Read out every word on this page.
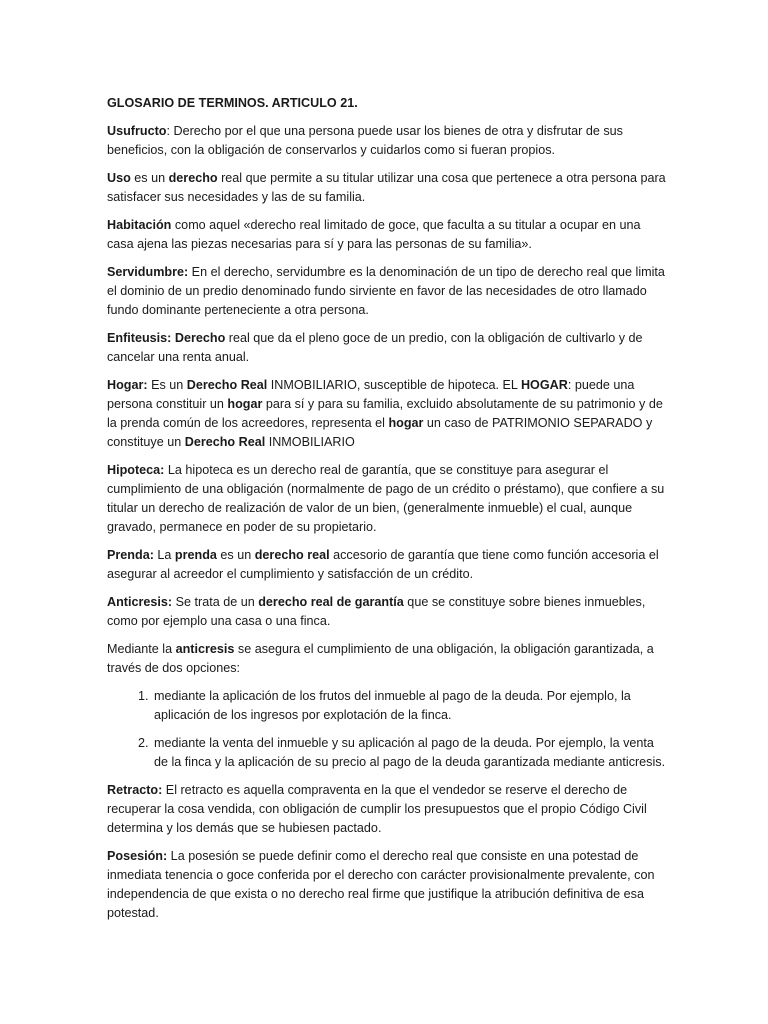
GLOSARIO DE TERMINOS. ARTICULO 21.

Usufructo: Derecho por el que una persona puede usar los bienes de otra y disfrutar de sus beneficios, con la obligación de conservarlos y cuidarlos como si fueran propios.

Uso es un derecho real que permite a su titular utilizar una cosa que pertenece a otra persona para satisfacer sus necesidades y las de su familia.

Habitación como aquel «derecho real limitado de goce, que faculta a su titular a ocupar en una casa ajena las piezas necesarias para sí y para las personas de su familia».

Servidumbre: En el derecho, servidumbre es la denominación de un tipo de derecho real que limita el dominio de un predio denominado fundo sirviente en favor de las necesidades de otro llamado fundo dominante perteneciente a otra persona.

Enfiteusis: Derecho real que da el pleno goce de un predio, con la obligación de cultivarlo y de cancelar una renta anual.

Hogar: Es un Derecho Real INMOBILIARIO, susceptible de hipoteca. EL HOGAR: puede una persona constituir un hogar para sí y para su familia, excluido absolutamente de su patrimonio y de la prenda común de los acreedores, representa el hogar un caso de PATRIMONIO SEPARADO y constituye un Derecho Real INMOBILIARIO

Hipoteca: La hipoteca es un derecho real de garantía, que se constituye para asegurar el cumplimiento de una obligación (normalmente de pago de un crédito o préstamo), que confiere a su titular un derecho de realización de valor de un bien, (generalmente inmueble) el cual, aunque gravado, permanece en poder de su propietario.

Prenda: La prenda es un derecho real accesorio de garantía que tiene como función accesoria el asegurar al acreedor el cumplimiento y satisfacción de un crédito.

Anticresis: Se trata de un derecho real de garantía que se constituye sobre bienes inmuebles, como por ejemplo una casa o una finca.

Mediante la anticresis se asegura el cumplimiento de una obligación, la obligación garantizada, a través de dos opciones:

1. mediante la aplicación de los frutos del inmueble al pago de la deuda. Por ejemplo, la aplicación de los ingresos por explotación de la finca.
2. mediante la venta del inmueble y su aplicación al pago de la deuda. Por ejemplo, la venta de la finca y la aplicación de su precio al pago de la deuda garantizada mediante anticresis.

Retracto: El retracto es aquella compraventa en la que el vendedor se reserve el derecho de recuperar la cosa vendida, con obligación de cumplir los presupuestos que el propio Código Civil determina y los demás que se hubiesen pactado.

Posesión: La posesión se puede definir como el derecho real que consiste en una potestad de inmediata tenencia o goce conferida por el derecho con carácter provisionalmente prevalente, con independencia de que exista o no derecho real firme que justifique la atribución definitiva de esa potestad.
